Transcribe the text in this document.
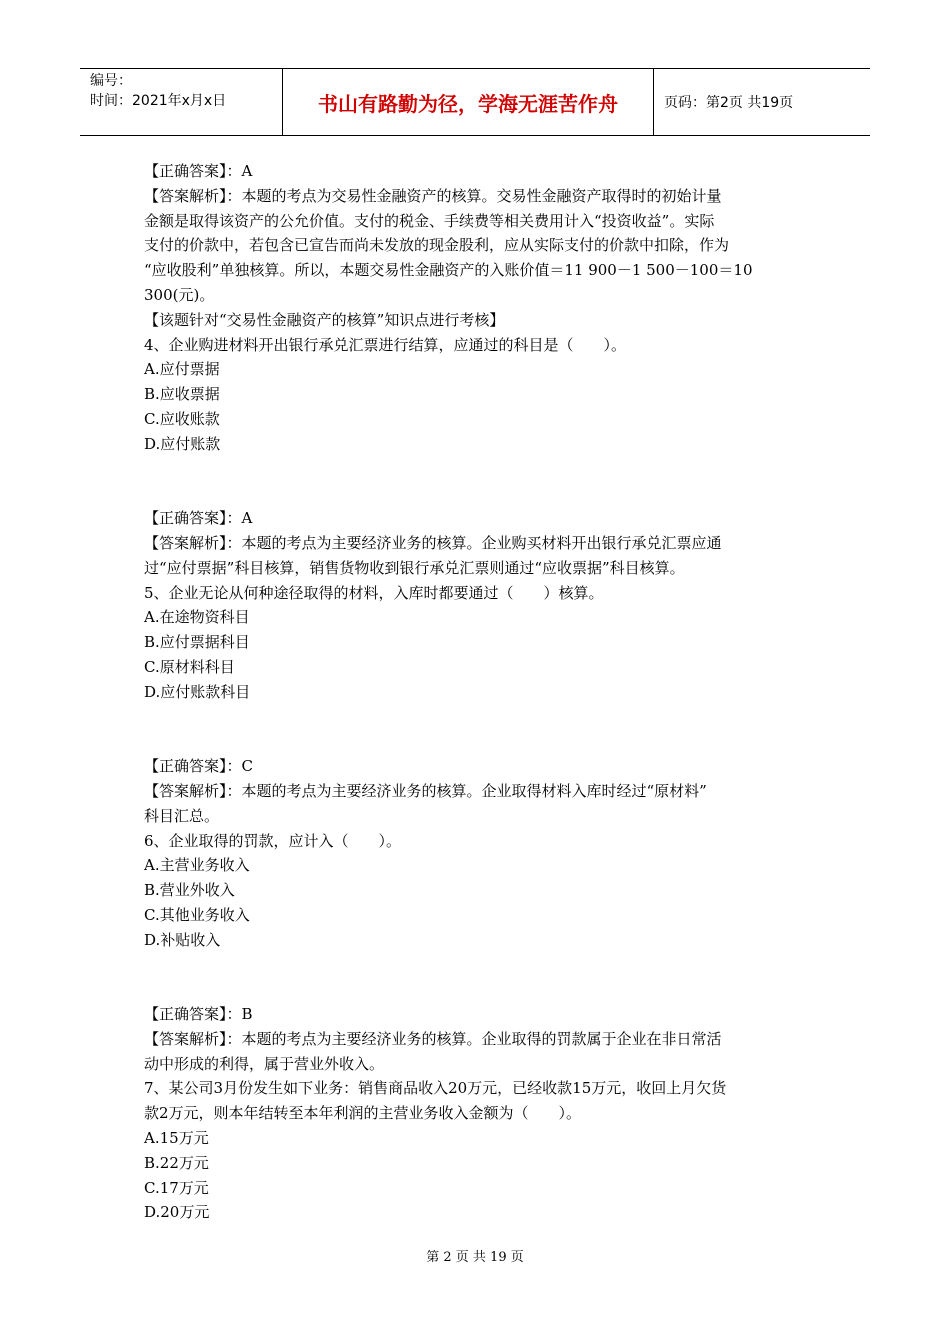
编号：
时间：2021年x月x日	书山有路勤为径，学海无涯苦作舟	页码：第2页 共19页

【正确答案】：A

【答案解析】：本题的考点为交易性金融资产的核算。交易性金融资产取得时的初始计量

金额是取得该资产的公允价值。支付的税金、手续费等相关费用计入“投资收益”。实际

支付的价款中，若包含已宣告而尚未发放的现金股利，应从实际支付的价款中扣除，作为

“应收股利”单独核算。所以，本题交易性金融资产的入账价值＝11 900－1 500－100＝10

300(元)。

【该题针对“交易性金融资产的核算”知识点进行考核】

4、企业购进材料开出银行承兑汇票进行结算，应通过的科目是（　　）。

A.应付票据

B.应收票据

C.应收账款

D.应付账款

【正确答案】：A

【答案解析】：本题的考点为主要经济业务的核算。企业购买材料开出银行承兑汇票应通

过“应付票据”科目核算，销售货物收到银行承兑汇票则通过“应收票据”科目核算。

5、企业无论从何种途径取得的材料，入库时都要通过（　　）核算。

A.在途物资科目

B.应付票据科目

C.原材料科目

D.应付账款科目

【正确答案】：C

【答案解析】：本题的考点为主要经济业务的核算。企业取得材料入库时经过“原材料”

科目汇总。

6、企业取得的罚款，应计入（　　）。

A.主营业务收入

B.营业外收入

C.其他业务收入

D.补贴收入

【正确答案】：B

【答案解析】：本题的考点为主要经济业务的核算。企业取得的罚款属于企业在非日常活

动中形成的利得，属于营业外收入。

7、某公司3月份发生如下业务：销售商品收入20万元，已经收款15万元，收回上月欠货

款2万元，则本年结转至本年利润的主营业务收入金额为（　　）。

A.15万元

B.22万元

C.17万元

D.20万元

第 2 页 共 19 页
